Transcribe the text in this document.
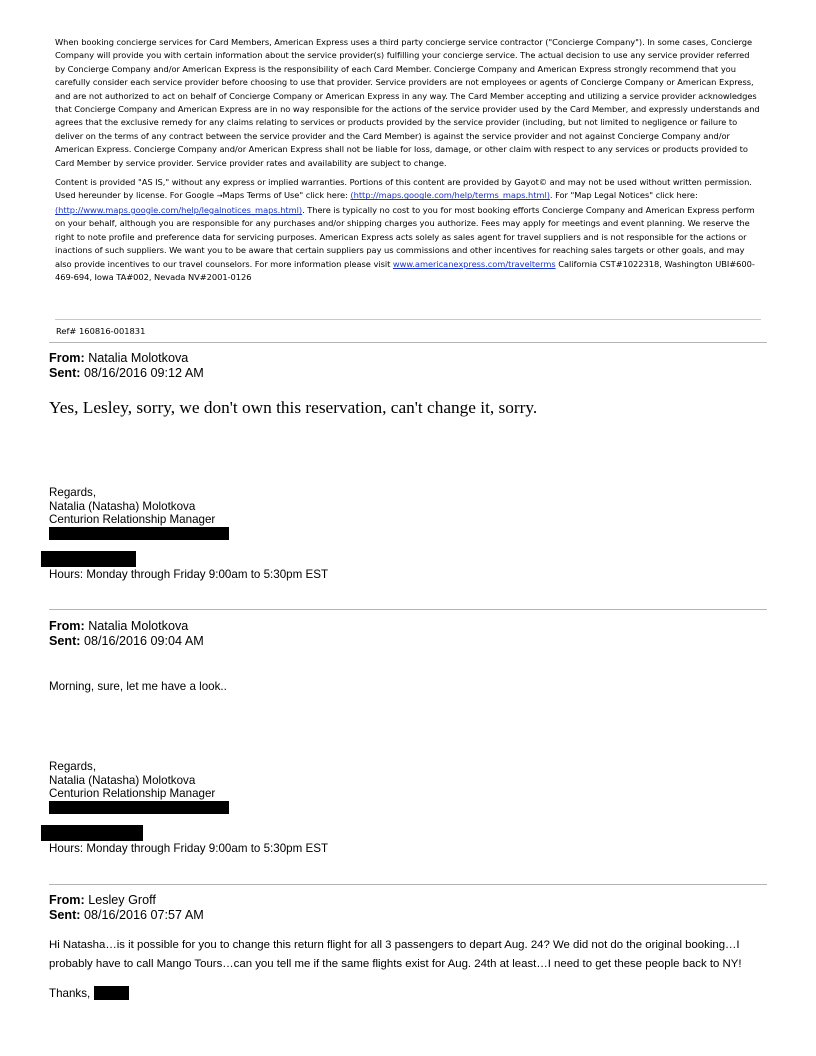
When booking concierge services for Card Members, American Express uses a third party concierge service contractor ("Concierge Company"). In some cases, Concierge Company will provide you with certain information about the service provider(s) fulfilling your concierge service. The actual decision to use any service provider referred by Concierge Company and/or American Express is the responsibility of each Card Member. Concierge Company and American Express strongly recommend that you carefully consider each service provider before choosing to use that provider. Service providers are not employees or agents of Concierge Company or American Express, and are not authorized to act on behalf of Concierge Company or American Express in any way. The Card Member accepting and utilizing a service provider acknowledges that Concierge Company and American Express are in no way responsible for the actions of the service provider used by the Card Member, and expressly understands and agrees that the exclusive remedy for any claims relating to services or products provided by the service provider (including, but not limited to negligence or failure to deliver on the terms of any contract between the service provider and the Card Member) is against the service provider and not against Concierge Company and/or American Express. Concierge Company and/or American Express shall not be liable for loss, damage, or other claim with respect to any services or products provided to Card Member by service provider. Service provider rates and availability are subject to change.

Content is provided "AS IS," without any express or implied warranties. Portions of this content are provided by Gayot© and may not be used without written permission. Used hereunder by license. For Google →Maps Terms of Use" click here: (http://maps.google.com/help/terms_maps.html). For "Map Legal Notices" click here: (http://www.maps.google.com/help/legalnotices_maps.html). There is typically no cost to you for most booking efforts Concierge Company and American Express perform on your behalf, although you are responsible for any purchases and/or shipping charges you authorize. Fees may apply for meetings and event planning. We reserve the right to note profile and preference data for servicing purposes. American Express acts solely as sales agent for travel suppliers and is not responsible for the actions or inactions of such suppliers. We want you to be aware that certain suppliers pay us commissions and other incentives for reaching sales targets or other goals, and may also provide incentives to our travel counselors. For more information please visit www.americanexpress.com/travelterms California CST#1022318, Washington UBI#600-469-694, Iowa TA#002, Nevada NV#2001-0126

Ref# 160816-001831
From: Natalia Molotkova
Sent: 08/16/2016 09:12 AM
Yes, Lesley, sorry, we don't own this reservation, can't change it, sorry.
Regards,
Natalia (Natasha) Molotkova
Centurion Relationship Manager
Hours: Monday through Friday 9:00am to 5:30pm EST
From: Natalia Molotkova
Sent: 08/16/2016 09:04 AM
Morning, sure, let me have a look..
Regards,
Natalia (Natasha) Molotkova
Centurion Relationship Manager
Hours: Monday through Friday 9:00am to 5:30pm EST
From: Lesley Groff
Sent: 08/16/2016 07:57 AM
Hi Natasha…is it possible for you to change this return flight for all 3 passengers to depart Aug. 24? We did not do the original booking…I
probably have to call Mango Tours…can you tell me if the same flights exist for Aug. 24th at least…I need to get these people back to NY!
Thanks,
